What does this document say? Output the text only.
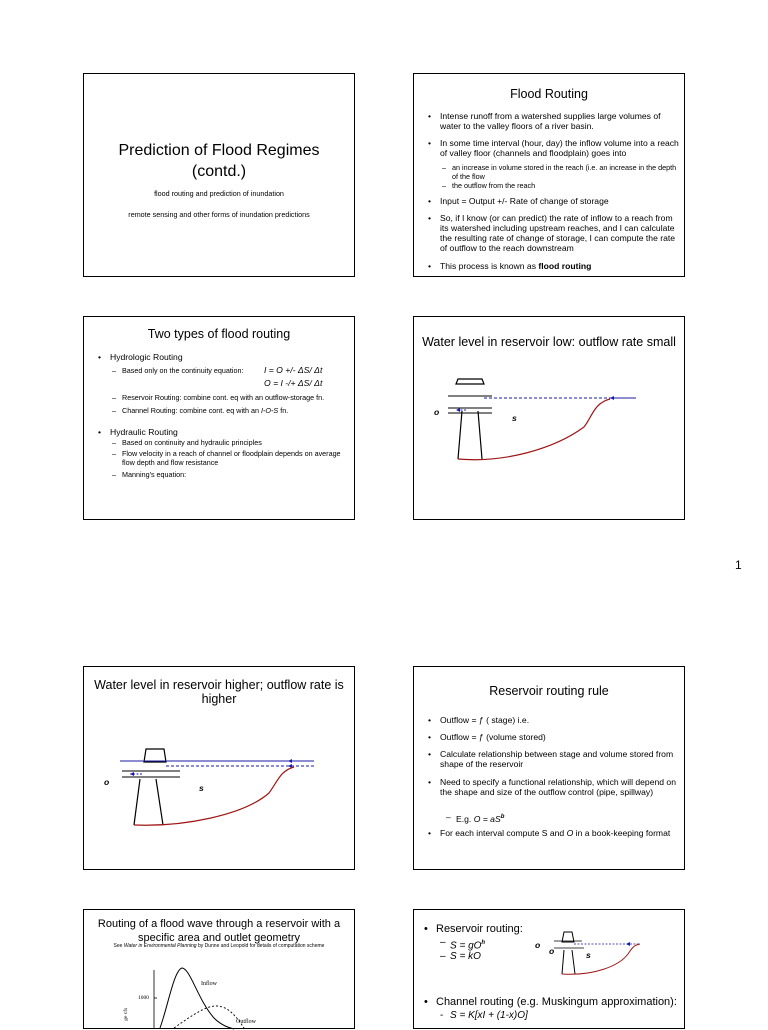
Prediction of Flood Regimes
(contd.)
flood routing and prediction of inundation
remote sensing and other forms of inundation predictions
Flood Routing
• Intense runoff from a watershed supplies large volumes of water to the valley floors of a river basin.
• In some time interval (hour, day) the inflow volume into a reach of valley floor (channels and floodplain) goes into
– an increase in volume stored in the reach (i.e. an increase in the depth of the flow
– the outflow from the reach
• Input = Output +/- Rate of change of storage
• So, if I know (or can predict) the rate of inflow to a reach from its watershed including upstream reaches, and I can calculate the resulting rate of change of storage, I can compute the rate of outflow to the reach downstream
• This process is known as flood routing
Two types of flood routing
• Hydrologic Routing
– Based only on the continuity equation: I = O +/- ΔS/ Δt
O = I -/+ ΔS/ Δt
– Reservoir Routing: combine cont. eq with an outflow-storage fn.
– Channel Routing: combine cont. eq with an I-O-S fn.
• Hydraulic Routing
– Based on continuity and hydraulic principles
– Flow velocity in a reach of channel or floodplain depends on average flow depth and flow resistance
– Manning's equation:
Water level in reservoir low: outflow rate small
o
s
1
Water level in reservoir higher; outflow rate is
higher
o
s
Reservoir routing rule
• Outflow = ƒ ( stage) i.e.
• Outflow = ƒ (volume stored)
• Calculate relationship between stage and volume stored from shape of the reservoir
• Need to specify a functional relationship, which will depend on the shape and size of the outflow control (pipe, spillway)
– E.g. $O = aS^b$
• For each interval compute S and O in a book-keeping format
Routing of a flood wave through a reservoir with a
specific area and outlet geometry
See Water in Environmental Planning by Dunne and Leopold for details of computation scheme
1000
ge cfs
Inflow
Outflow
• Reservoir routing:
– $S = gO^h$
– S = kO
o
o	s
• Channel routing (e.g. Muskingum approximation):
- S = K[xI + (1-x)O]
